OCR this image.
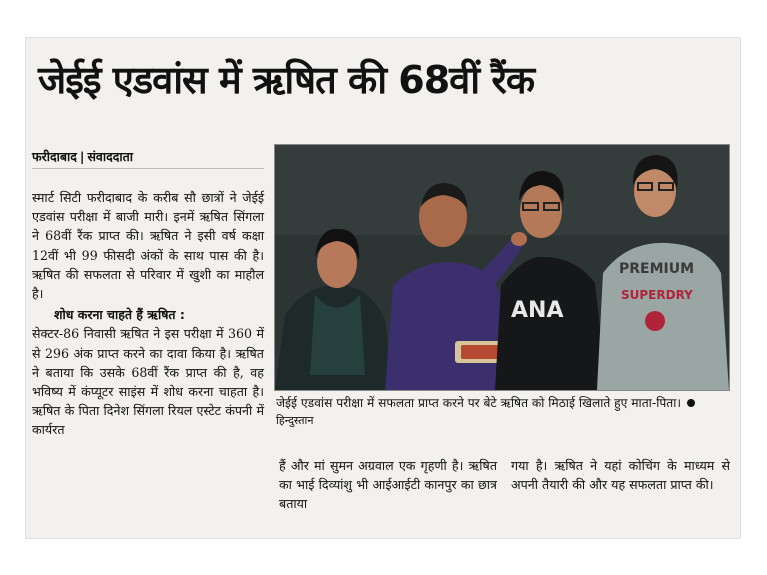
जेईई एडवांस में ऋषित की 68वीं रैंक
फरीदाबाद | संवाददाता

स्मार्ट सिटी फरीदाबाद के करीब सौ छात्रों ने जेईई एडवांस परीक्षा में बाजी मारी। इनमें ऋषित सिंगला ने 68वीं रैंक प्राप्त की। ऋषित ने इसी वर्ष कक्षा 12वीं भी 99 फीसदी अंकों के साथ पास की है। ऋषित की सफलता से परिवार में खुशी का माहौल है।

शोध करना चाहते हैं ऋषित :

सेक्टर-86 निवासी ऋषित ने इस परीक्षा में 360 में से 296 अंक प्राप्त करने का दावा किया है। ऋषित ने बताया कि उसके 68वीं रैंक प्राप्त की है, वह भविष्य में कंप्यूटर साइंस में शोध करना चाहता है। ऋषित के पिता दिनेश सिंगला रियल एस्टेट कंपनी में कार्यरत

ANA
PREMIUM
SUPERDRY
जेईई एडवांस परीक्षा में सफलता प्राप्त करने पर बेटे ऋषित को मिठाई खिलाते हुए माता-पिता। हिन्दुस्तान

हैं और मां सुमन अग्रवाल एक गृहणी है। ऋषित का भाई दिव्यांशु भी आईआईटी कानपुर का छात्र बताया

गया है। ऋषित ने यहां कोचिंग के माध्यम से अपनी तैयारी की और यह सफलता प्राप्त की।
